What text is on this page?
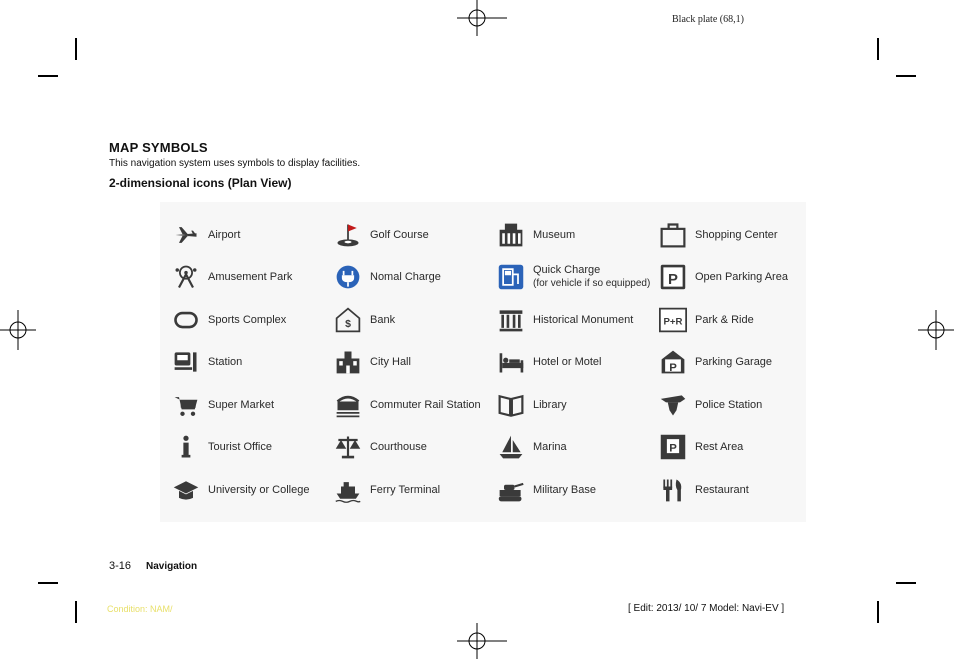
Black plate (68,1)
MAP SYMBOLS
This navigation system uses symbols to display facilities.
2-dimensional icons (Plan View)
Airport
Amusement Park
Sports Complex
Station
Super Market
Tourist Office
University or College
Golf Course
Nomal Charge
$ Bank
City Hall
Commuter Rail Station
Courthouse
Ferry Terminal
Museum
Quick Charge
(for vehicle if so equipped)
Historical Monument
Hotel or Motel
Library
Marina
Military Base
Shopping Center
P Open Parking Area
P+R Park & Ride
P
Parking Garage
Police Station
P Rest Area
Restaurant
3-16 Navigation
Condition: NAM/	[ Edit: 2013/ 10/ 7 Model: Navi-EV ]
